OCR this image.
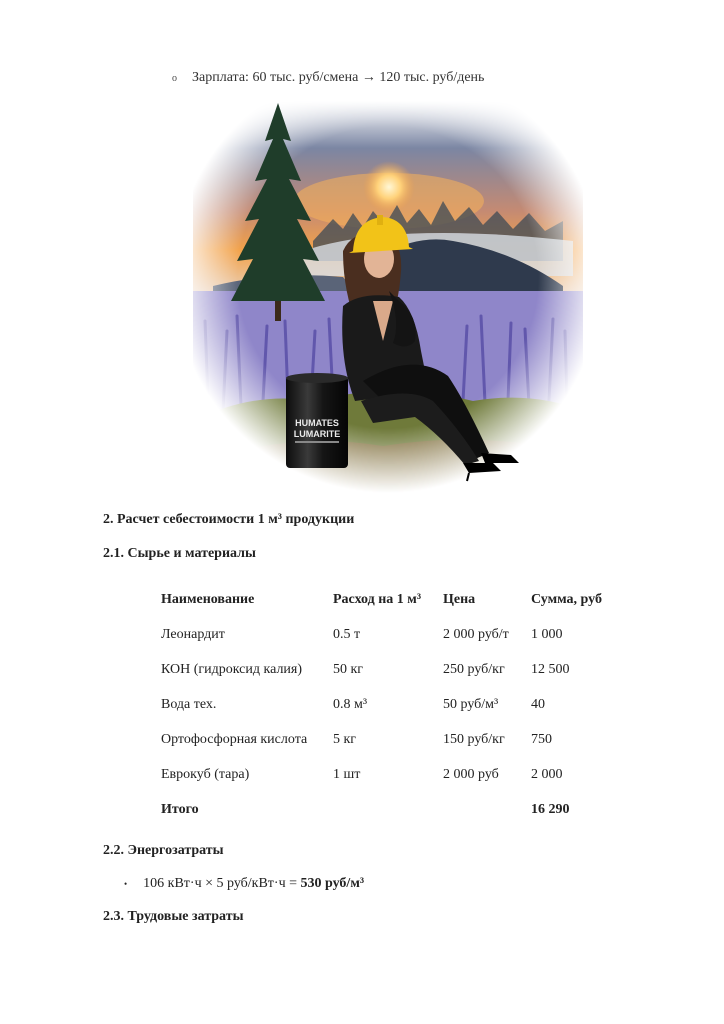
o	Зарплата: 60 тыс. руб/смена → 120 тыс. руб/день
HUMATES
LUMARITE
2. Расчет себестоимости 1 м³ продукции
2.1. Сырье и материалы
Наименование	Расход на 1 м³	Цена	Сумма, руб
Леонардит	0.5 т	2 000 руб/т	1 000
КОН (гидроксид калия)	50 кг	250 руб/кг	12 500
Вода тех.	0.8 м³	50 руб/м³	40
Ортофосфорная кислота	5 кг	150 руб/кг	750
Еврокуб (тара)	1 шт	2 000 руб	2 000
Итого			16 290
2.2. Энергозатраты
• 106 кВт·ч × 5 руб/кВт·ч = 530 руб/м³
2.3. Трудовые затраты
